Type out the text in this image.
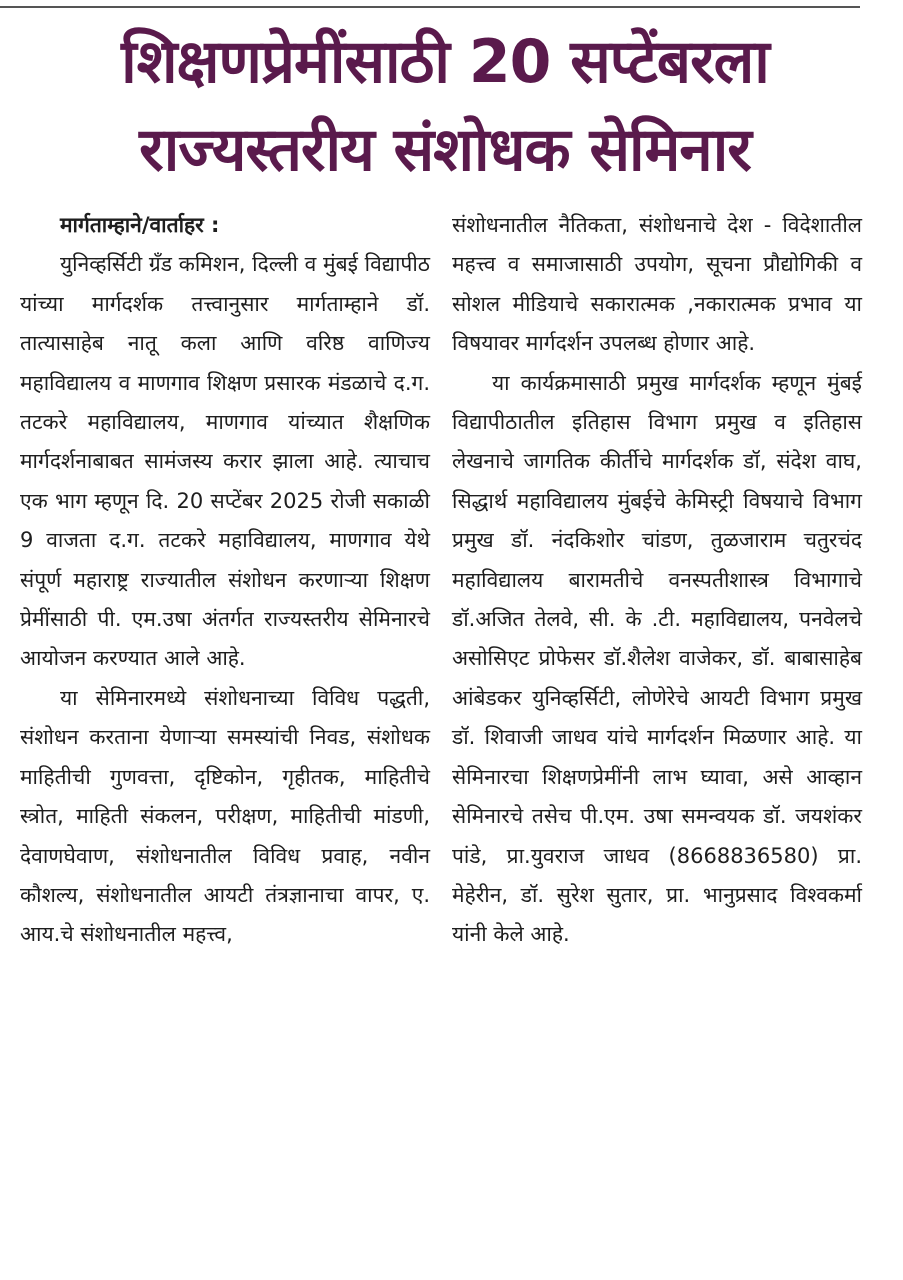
शिक्षणप्रेमींसाठी 20 सप्टेंबरला
राज्यस्तरीय संशोधक सेमिनार
मार्गताम्हाने/वार्ताहर :

युनिव्हर्सिटी ग्रँड कमिशन, दिल्ली व मुंबई विद्यापीठ यांच्या मार्गदर्शक तत्त्वानुसार मार्गताम्हाने डॉ. तात्यासाहेब नातू कला आणि वरिष्ठ वाणिज्य महाविद्यालय व माणगाव शिक्षण प्रसारक मंडळाचे द.ग. तटकरे महाविद्यालय, माणगाव यांच्यात शैक्षणिक मार्गदर्शनाबाबत सामंजस्य करार झाला आहे. त्याचाच एक भाग म्हणून दि. 20 सप्टेंबर 2025 रोजी सकाळी 9 वाजता द.ग. तटकरे महाविद्यालय, माणगाव येथे संपूर्ण महाराष्ट्र राज्यातील संशोधन करणाऱ्या शिक्षण प्रेमींसाठी पी. एम.उषा अंतर्गत राज्यस्तरीय सेमिनारचे आयोजन करण्यात आले आहे.

या सेमिनारमध्ये संशोधनाच्या विविध पद्धती, संशोधन करताना येणाऱ्या समस्यांची निवड, संशोधक माहितीची गुणवत्ता, दृष्टिकोन, गृहीतक, माहितीचे स्त्रोत, माहिती संकलन, परीक्षण, माहितीची मांडणी, देवाणघेवाण, संशोधनातील विविध प्रवाह, नवीन कौशल्य, संशोधनातील आयटी तंत्रज्ञानाचा वापर, ए. आय.चे संशोधनातील महत्त्व,

संशोधनातील नैतिकता, संशोधनाचे देश - विदेशातील महत्त्व व समाजासाठी उपयोग, सूचना प्रौद्योगिकी व सोशल मीडियाचे सकारात्मक ,नकारात्मक प्रभाव या विषयावर मार्गदर्शन उपलब्ध होणार आहे.

या कार्यक्रमासाठी प्रमुख मार्गदर्शक म्हणून मुंबई विद्यापीठातील इतिहास विभाग प्रमुख व इतिहास लेखनाचे जागतिक कीर्तीचे मार्गदर्शक डॉ, संदेश वाघ, सिद्धार्थ महाविद्यालय मुंबईचे केमिस्ट्री विषयाचे विभाग प्रमुख डॉ. नंदकिशोर चांडण, तुळजाराम चतुरचंद महाविद्यालय बारामतीचे वनस्पतीशास्त्र विभागाचे डॉ.अजित तेलवे, सी. के .टी. महाविद्यालय, पनवेलचे असोसिएट प्रोफेसर डॉ.शैलेश वाजेकर, डॉ. बाबासाहेब आंबेडकर युनिव्हर्सिटी, लोणेरेचे आयटी विभाग प्रमुख डॉ. शिवाजी जाधव यांचे मार्गदर्शन मिळणार आहे. या सेमिनारचा शिक्षणप्रेमींनी लाभ घ्यावा, असे आव्हान सेमिनारचे तसेच पी.एम. उषा समन्वयक डॉ. जयशंकर पांडे, प्रा.युवराज जाधव (8668836580) प्रा. मेहेरीन, डॉ. सुरेश सुतार, प्रा. भानुप्रसाद विश्वकर्मा यांनी केले आहे.
